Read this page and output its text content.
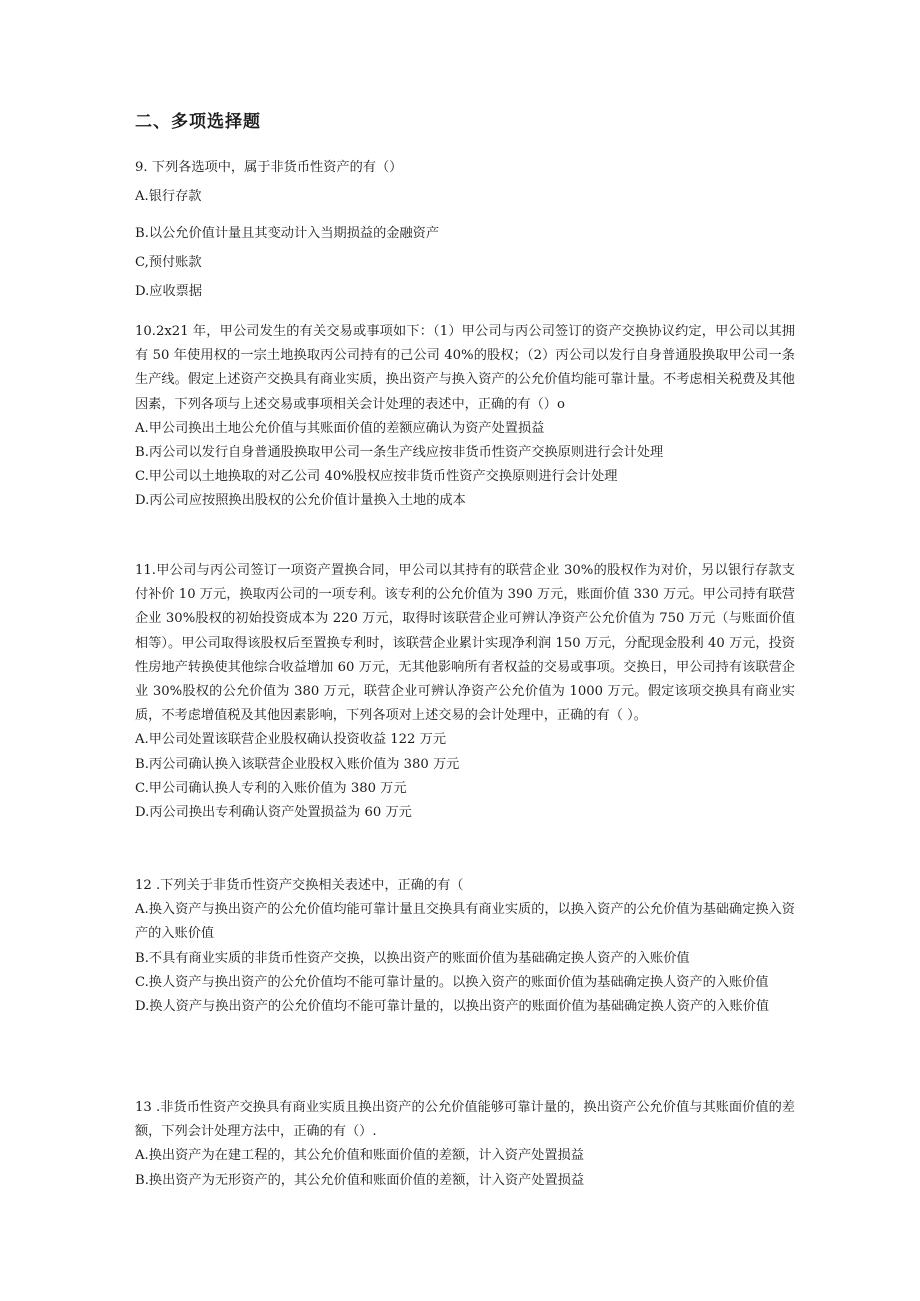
二、多项选择题

9. 下列各选项中，属于非货币性资产的有（）

A.银行存款

B.以公允价值计量且其变动计入当期损益的金融资产

C,预付账款

D.应收票据

10.2x21 年，甲公司发生的有关交易或事项如下：（1）甲公司与丙公司签订的资产交换协议约定，甲公司以其拥有 50 年使用权的一宗土地换取丙公司持有的己公司 40%的股权；（2）丙公司以发行自身普通股换取甲公司一条生产线。假定上述资产交换具有商业实质，换出资产与换入资产的公允价值均能可靠计量。不考虑相关税费及其他因素，下列各项与上述交易或事项相关会计处理的表述中，正确的有（）o

A.甲公司换出土地公允价值与其账面价值的差额应确认为资产处置损益

B.丙公司以发行自身普通股换取甲公司一条生产线应按非货币性资产交换原则进行会计处理

C.甲公司以土地换取的对乙公司 40%股权应按非货币性资产交换原则进行会计处理

D.丙公司应按照换出股权的公允价值计量换入土地的成本

11.甲公司与丙公司签订一项资产置换合同，甲公司以其持有的联营企业 30%的股权作为对价，另以银行存款支付补价 10 万元，换取丙公司的一项专利。该专利的公允价值为 390 万元，账面价值 330 万元。甲公司持有联营企业 30%股权的初始投资成本为 220 万元，取得时该联营企业可辨认净资产公允价值为 750 万元（与账面价值相等）。甲公司取得该股权后至置换专利时，该联营企业累计实现净利润 150 万元，分配现金股利 40 万元，投资性房地产转换使其他综合收益增加 60 万元，无其他影响所有者权益的交易或事项。交换日，甲公司持有该联营企业 30%股权的公允价值为 380 万元，联营企业可辨认净资产公允价值为 1000 万元。假定该项交换具有商业实质，不考虑增值税及其他因素影响，下列各项对上述交易的会计处理中，正确的有（ ）。

A.甲公司处置该联营企业股权确认投资收益 122 万元

B.丙公司确认换入该联营企业股权入账价值为 380 万元

C.甲公司确认换人专利的入账价值为 380 万元

D.丙公司换出专利确认资产处置损益为 60 万元

12 .下列关于非货币性资产交换相关表述中，正确的有（

A.换入资产与换出资产的公允价值均能可靠计量且交换具有商业实质的，以换入资产的公允价值为基础确定换入资产的入账价值

B.不具有商业实质的非货币性资产交换，以换出资产的账面价值为基础确定换人资产的入账价值

C.换人资产与换出资产的公允价值均不能可靠计量的。以换入资产的账面价值为基础确定换人资产的入账价值

D.换人资产与换出资产的公允价值均不能可靠计量的，以换出资产的账面价值为基础确定换人资产的入账价值

13 .非货币性资产交换具有商业实质且换出资产的公允价值能够可靠计量的，换出资产公允价值与其账面价值的差额，下列会计处理方法中，正确的有（）.

A.换出资产为在建工程的，其公允价值和账面价值的差额，计入资产处置损益

B.换出资产为无形资产的，其公允价值和账面价值的差额，计入资产处置损益
